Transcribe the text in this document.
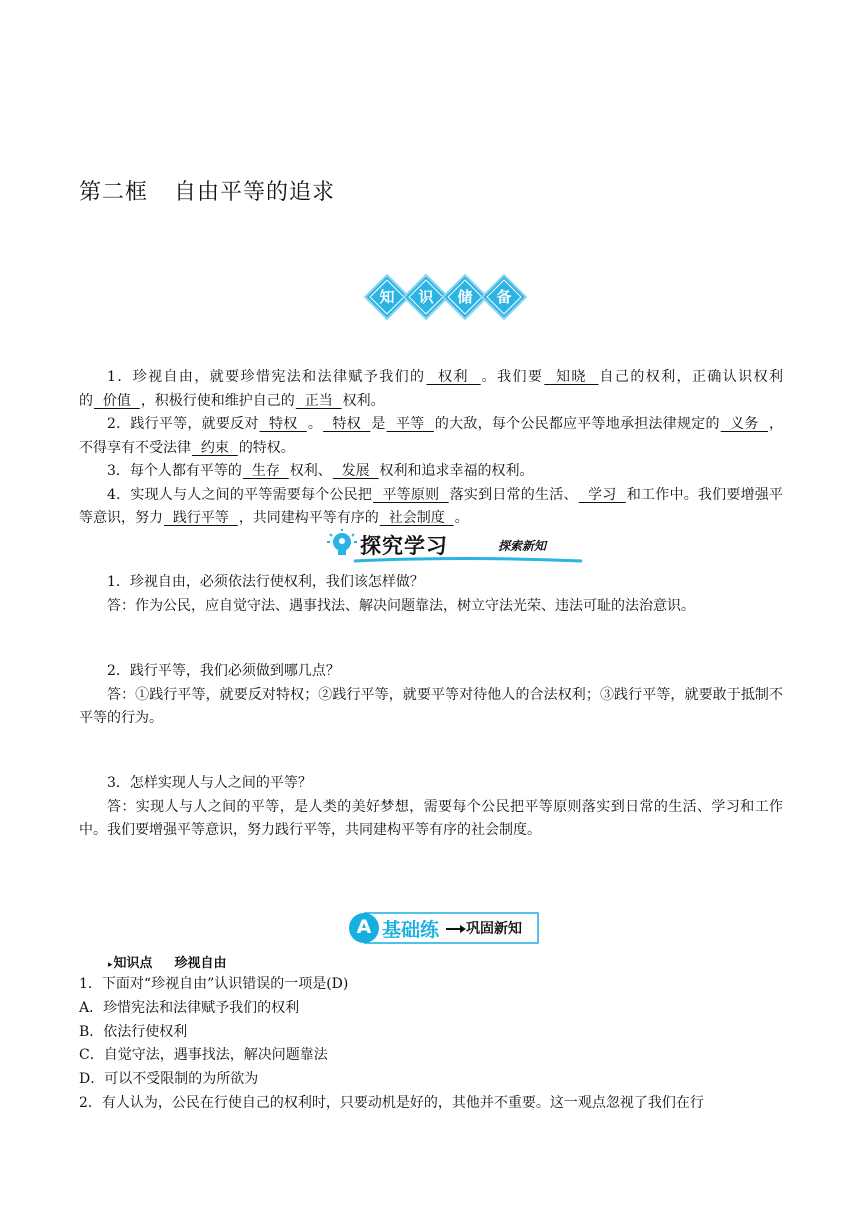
第二框 自由平等的追求
知	识	储	备

1．珍视自由，就要珍惜宪法和法律赋予我们的  权利  。我们要  知晓  自己的权利，正确认识权利的  价值  ，积极行使和维护自己的  正当  权利。

2．践行平等，就要反对  特权  。  特权  是  平等  的大敌，每个公民都应平等地承担法律规定的  义务  ，不得享有不受法律  约束  的特权。

3．每个人都有平等的  生存  权利、  发展  权利和追求幸福的权利。

4．实现人与人之间的平等需要每个公民把  平等原则  落实到日常的生活、  学习  和工作中。我们要增强平等意识，努力  践行平等  ，共同建构平等有序的  社会制度  。

探究学习	探索新知

1．珍视自由，必须依法行使权利，我们该怎样做？

答：作为公民，应自觉守法、遇事找法、解决问题靠法，树立守法光荣、违法可耻的法治意识。

2．践行平等，我们必须做到哪几点？

答：①践行平等，就要反对特权；②践行平等，就要平等对待他人的合法权利；③践行平等，就要敢于抵制不平等的行为。

3．怎样实现人与人之间的平等？

答：实现人与人之间的平等，是人类的美好梦想，需要每个公民把平等原则落实到日常的生活、学习和工作中。我们要增强平等意识，努力践行平等，共同建构平等有序的社会制度。

A 基础练 巩固新知
▸知识点 珍视自由

1．下面对“珍视自由”认识错误的一项是(D)

A．珍惜宪法和法律赋予我们的权利

B．依法行使权利

C．自觉守法，遇事找法，解决问题靠法

D．可以不受限制的为所欲为

2．有人认为，公民在行使自己的权利时，只要动机是好的，其他并不重要。这一观点忽视了我们在行
